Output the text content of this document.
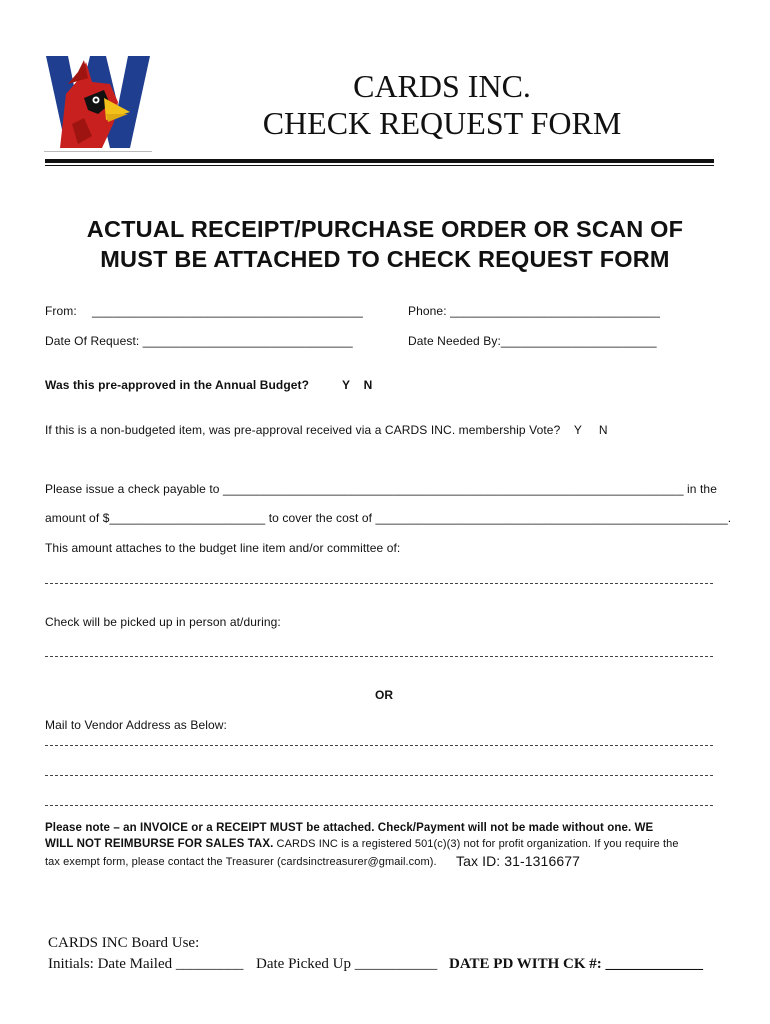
CARDS INC.
CHECK REQUEST FORM
ACTUAL RECEIPT/PURCHASE ORDER OR SCAN OF
MUST BE ATTACHED TO CHECK REQUEST FORM
From: ________________________________________	Phone: _______________________________
Date Of Request: _______________________________	Date Needed By:_______________________
Was this pre-approved in the Annual Budget?	Y    N
If this is a non-budgeted item, was pre-approval received via a CARDS INC. membership Vote?    Y     N
Please issue a check payable to ____________________________________________________________________ in the
amount of $_______________________ to cover the cost of ____________________________________________________.
This amount attaches to the budget line item and/or committee of:
Check will be picked up in person at/during:
OR
Mail to Vendor Address as Below:
Please note – an INVOICE or a RECEIPT MUST be attached. Check/Payment will not be made without one. WE
WILL NOT REIMBURSE FOR SALES TAX. CARDS INC is a registered 501(c)(3) not for profit organization. If you require the
tax exempt form, please contact the Treasurer (cardsinctreasurer@gmail.com). Tax ID: 31-1316677
CARDS INC Board Use:
Initials: Date Mailed _________ Date Picked Up ___________ DATE PD WITH CK #: _____________
